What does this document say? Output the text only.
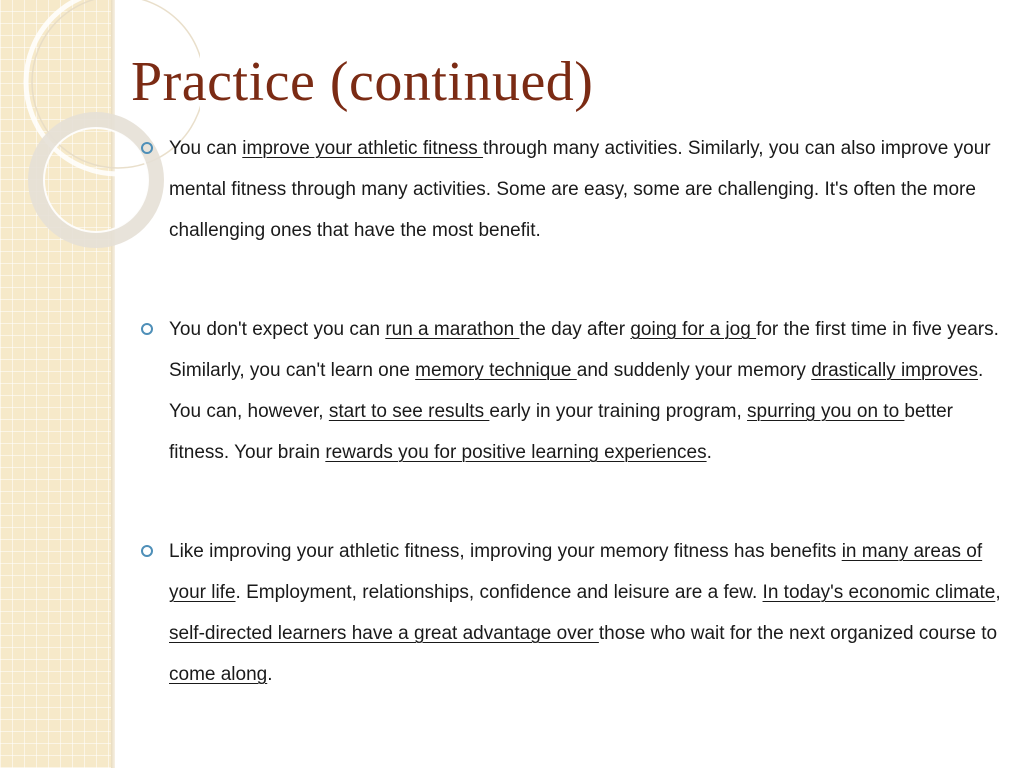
Practice (continued)
You can improve your athletic fitness through many activities. Similarly, you can also improve your mental fitness through many activities. Some are easy, some are challenging. It's often the more challenging ones that have the most benefit.
You don't expect you can run a marathon the day after going for a jog for the first time in five years. Similarly, you can't learn one memory technique and suddenly your memory drastically improves. You can, however, start to see results early in your training program, spurring you on to better fitness. Your brain rewards you for positive learning experiences.
Like improving your athletic fitness, improving your memory fitness has benefits in many areas of your life. Employment, relationships, confidence and leisure are a few. In today's economic climate, self-directed learners have a great advantage over those who wait for the next organized course to come along.
